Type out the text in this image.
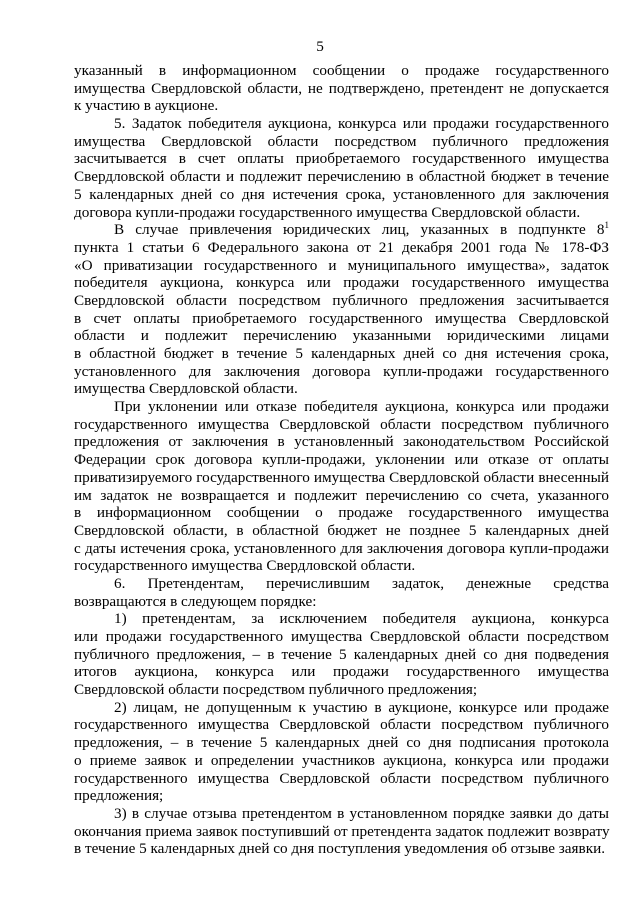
5
указанный в информационном сообщении о продаже государственного
имущества Свердловской области, не подтверждено, претендент не допускается
к участию в аукционе.
5. Задаток победителя аукциона, конкурса или продажи государственного
имущества Свердловской области посредством публичного предложения
засчитывается в счет оплаты приобретаемого государственного имущества
Свердловской области и подлежит перечислению в областной бюджет в течение
5 календарных дней со дня истечения срока, установленного для заключения
договора купли-продажи государственного имущества Свердловской области.
В случае привлечения юридических лиц, указанных в подпункте $8^1$
пункта 1 статьи 6 Федерального закона от 21 декабря 2001 года № 178-ФЗ
«О приватизации государственного и муниципального имущества», задаток
победителя аукциона, конкурса или продажи государственного имущества
Свердловской области посредством публичного предложения засчитывается
в счет оплаты приобретаемого государственного имущества Свердловской
области и подлежит перечислению указанными юридическими лицами
в областной бюджет в течение 5 календарных дней со дня истечения срока,
установленного для заключения договора купли-продажи государственного
имущества Свердловской области.
При уклонении или отказе победителя аукциона, конкурса или продажи
государственного имущества Свердловской области посредством публичного
предложения от заключения в установленный законодательством Российской
Федерации срок договора купли-продажи, уклонении или отказе от оплаты
приватизируемого государственного имущества Свердловской области внесенный
им задаток не возвращается и подлежит перечислению со счета, указанного
в информационном сообщении о продаже государственного имущества
Свердловской области, в областной бюджет не позднее 5 календарных дней
с даты истечения срока, установленного для заключения договора купли-продажи
государственного имущества Свердловской области.
6. Претендентам, перечислившим задаток, денежные средства
возвращаются в следующем порядке:
1) претендентам, за исключением победителя аукциона, конкурса
или продажи государственного имущества Свердловской области посредством
публичного предложения, – в течение 5 календарных дней со дня подведения
итогов аукциона, конкурса или продажи государственного имущества
Свердловской области посредством публичного предложения;
2) лицам, не допущенным к участию в аукционе, конкурсе или продаже
государственного имущества Свердловской области посредством публичного
предложения, – в течение 5 календарных дней со дня подписания протокола
о приеме заявок и определении участников аукциона, конкурса или продажи
государственного имущества Свердловской области посредством публичного
предложения;
3) в случае отзыва претендентом в установленном порядке заявки до даты
окончания приема заявок поступивший от претендента задаток подлежит возврату
в течение 5 календарных дней со дня поступления уведомления об отзыве заявки.
